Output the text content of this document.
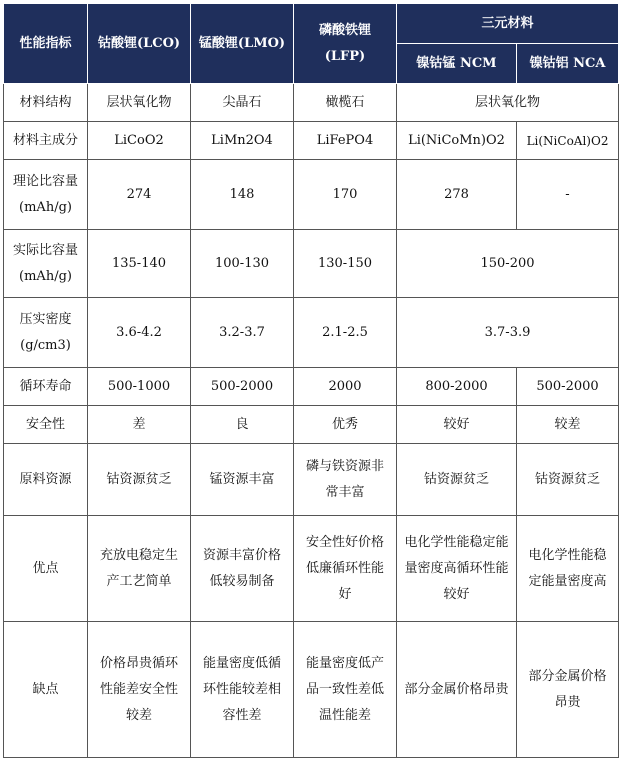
性能指标	钴酸锂(LCO)	锰酸锂(LMO)	磷酸铁锂
(LFP)	三元材料	
				镍钴锰 NCM	镍钴铝 NCA
材料结构	层状氧化物	尖晶石	橄榄石	层状氧化物	
材料主成分	LiCoO2	LiMn2O4	LiFePO4	Li(NiCoMn)O2	Li(NiCoAl)O2

理论比容量
(mAh/g)	274	148	170	278	-

实际比容量
(mAh/g)	135-140	100-130	130-150	150-200	

压实密度
(g/cm3)	3.6-4.2	3.2-3.7	2.1-2.5	3.7-3.9	
循环寿命	500-1000	500-2000	2000	800-2000	500-2000
安全性	差	良	优秀	较好	较差
原料资源	钴资源贫乏	锰资源丰富	磷与铁资源非常丰富	钴资源贫乏	钴资源贫乏
优点	充放电稳定生产工艺简单	资源丰富价格低较易制备	安全性好价格低廉循环性能好	电化学性能稳定能量密度高循环性能较好	电化学性能稳定能量密度高
缺点	价格昂贵循环性能差安全性较差	能量密度低循环性能较差相容性差	能量密度低产品一致性差低温性能差	部分金属价格昂贵	部分金属价格昂贵
